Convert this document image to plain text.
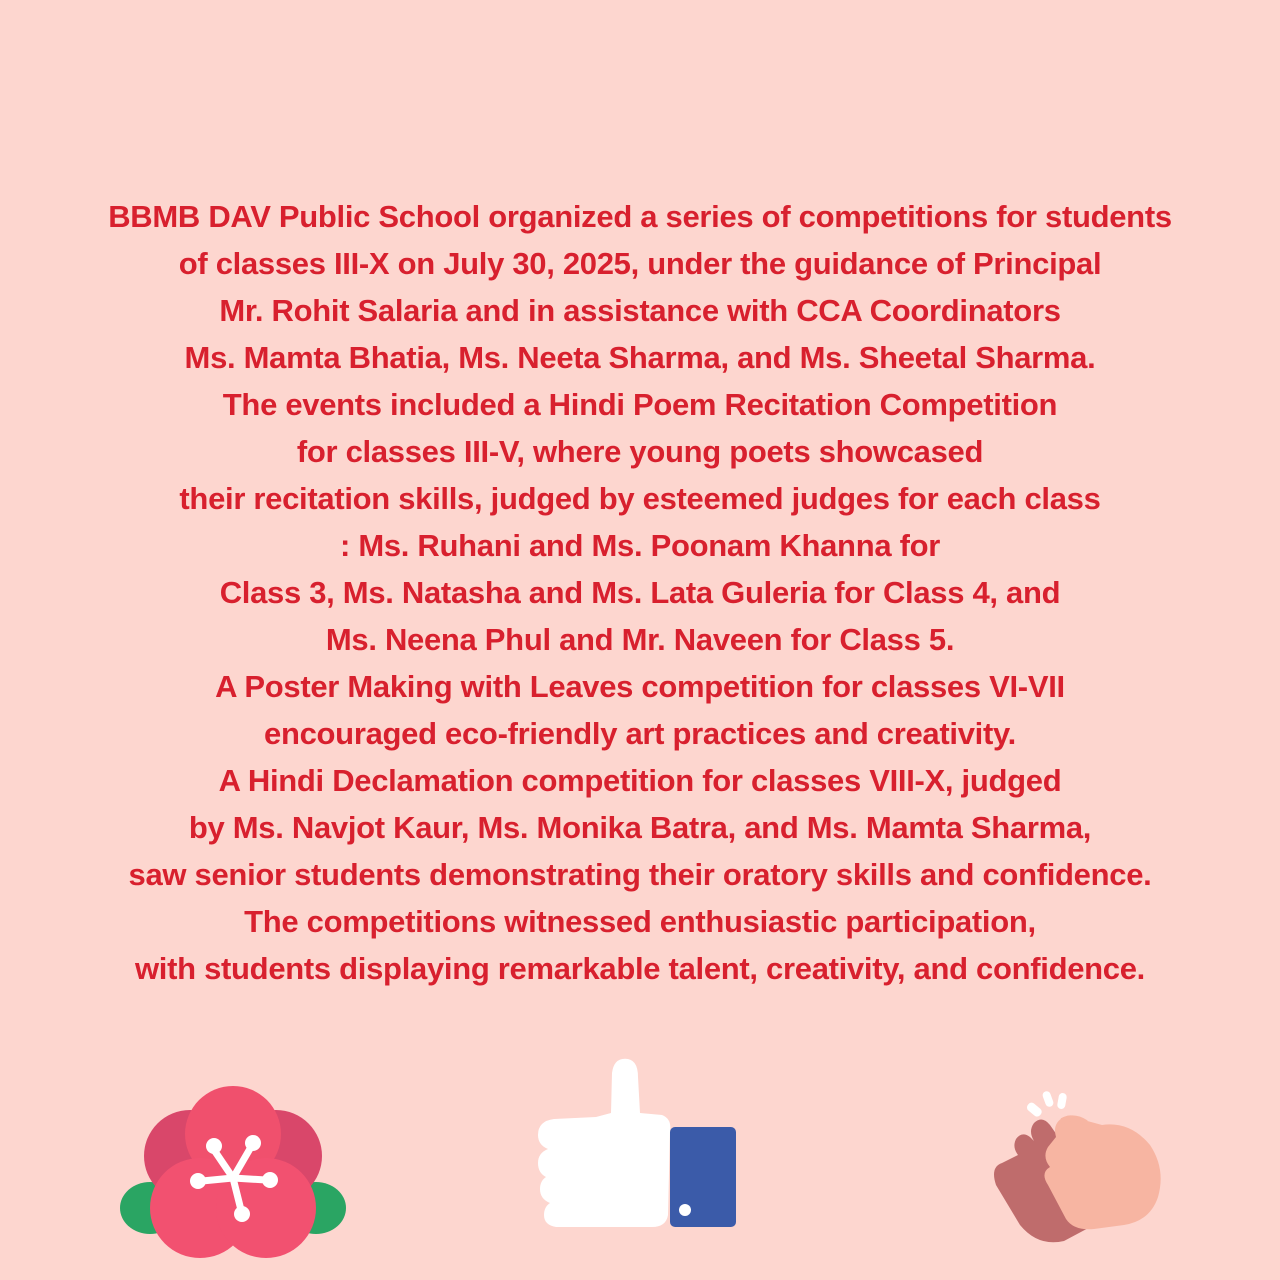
BBMB DAV Public School organized a series of competitions for students
of classes III-X on July 30, 2025, under the guidance of Principal
Mr. Rohit Salaria and in assistance with CCA Coordinators
Ms. Mamta Bhatia, Ms. Neeta Sharma, and Ms. Sheetal Sharma.
The events included a Hindi Poem Recitation Competition
for classes III-V, where young poets showcased
their recitation skills, judged by esteemed judges for each class
: Ms. Ruhani and Ms. Poonam Khanna for
Class 3, Ms. Natasha and Ms. Lata Guleria for Class 4, and
Ms. Neena Phul and Mr. Naveen for Class 5.
A Poster Making with Leaves competition for classes VI-VII
encouraged eco-friendly art practices and creativity.
A Hindi Declamation competition for classes VIII-X, judged
by Ms. Navjot Kaur, Ms. Monika Batra, and Ms. Mamta Sharma,
saw senior students demonstrating their oratory skills and confidence.
The competitions witnessed enthusiastic participation,
with students displaying remarkable talent, creativity, and confidence.
